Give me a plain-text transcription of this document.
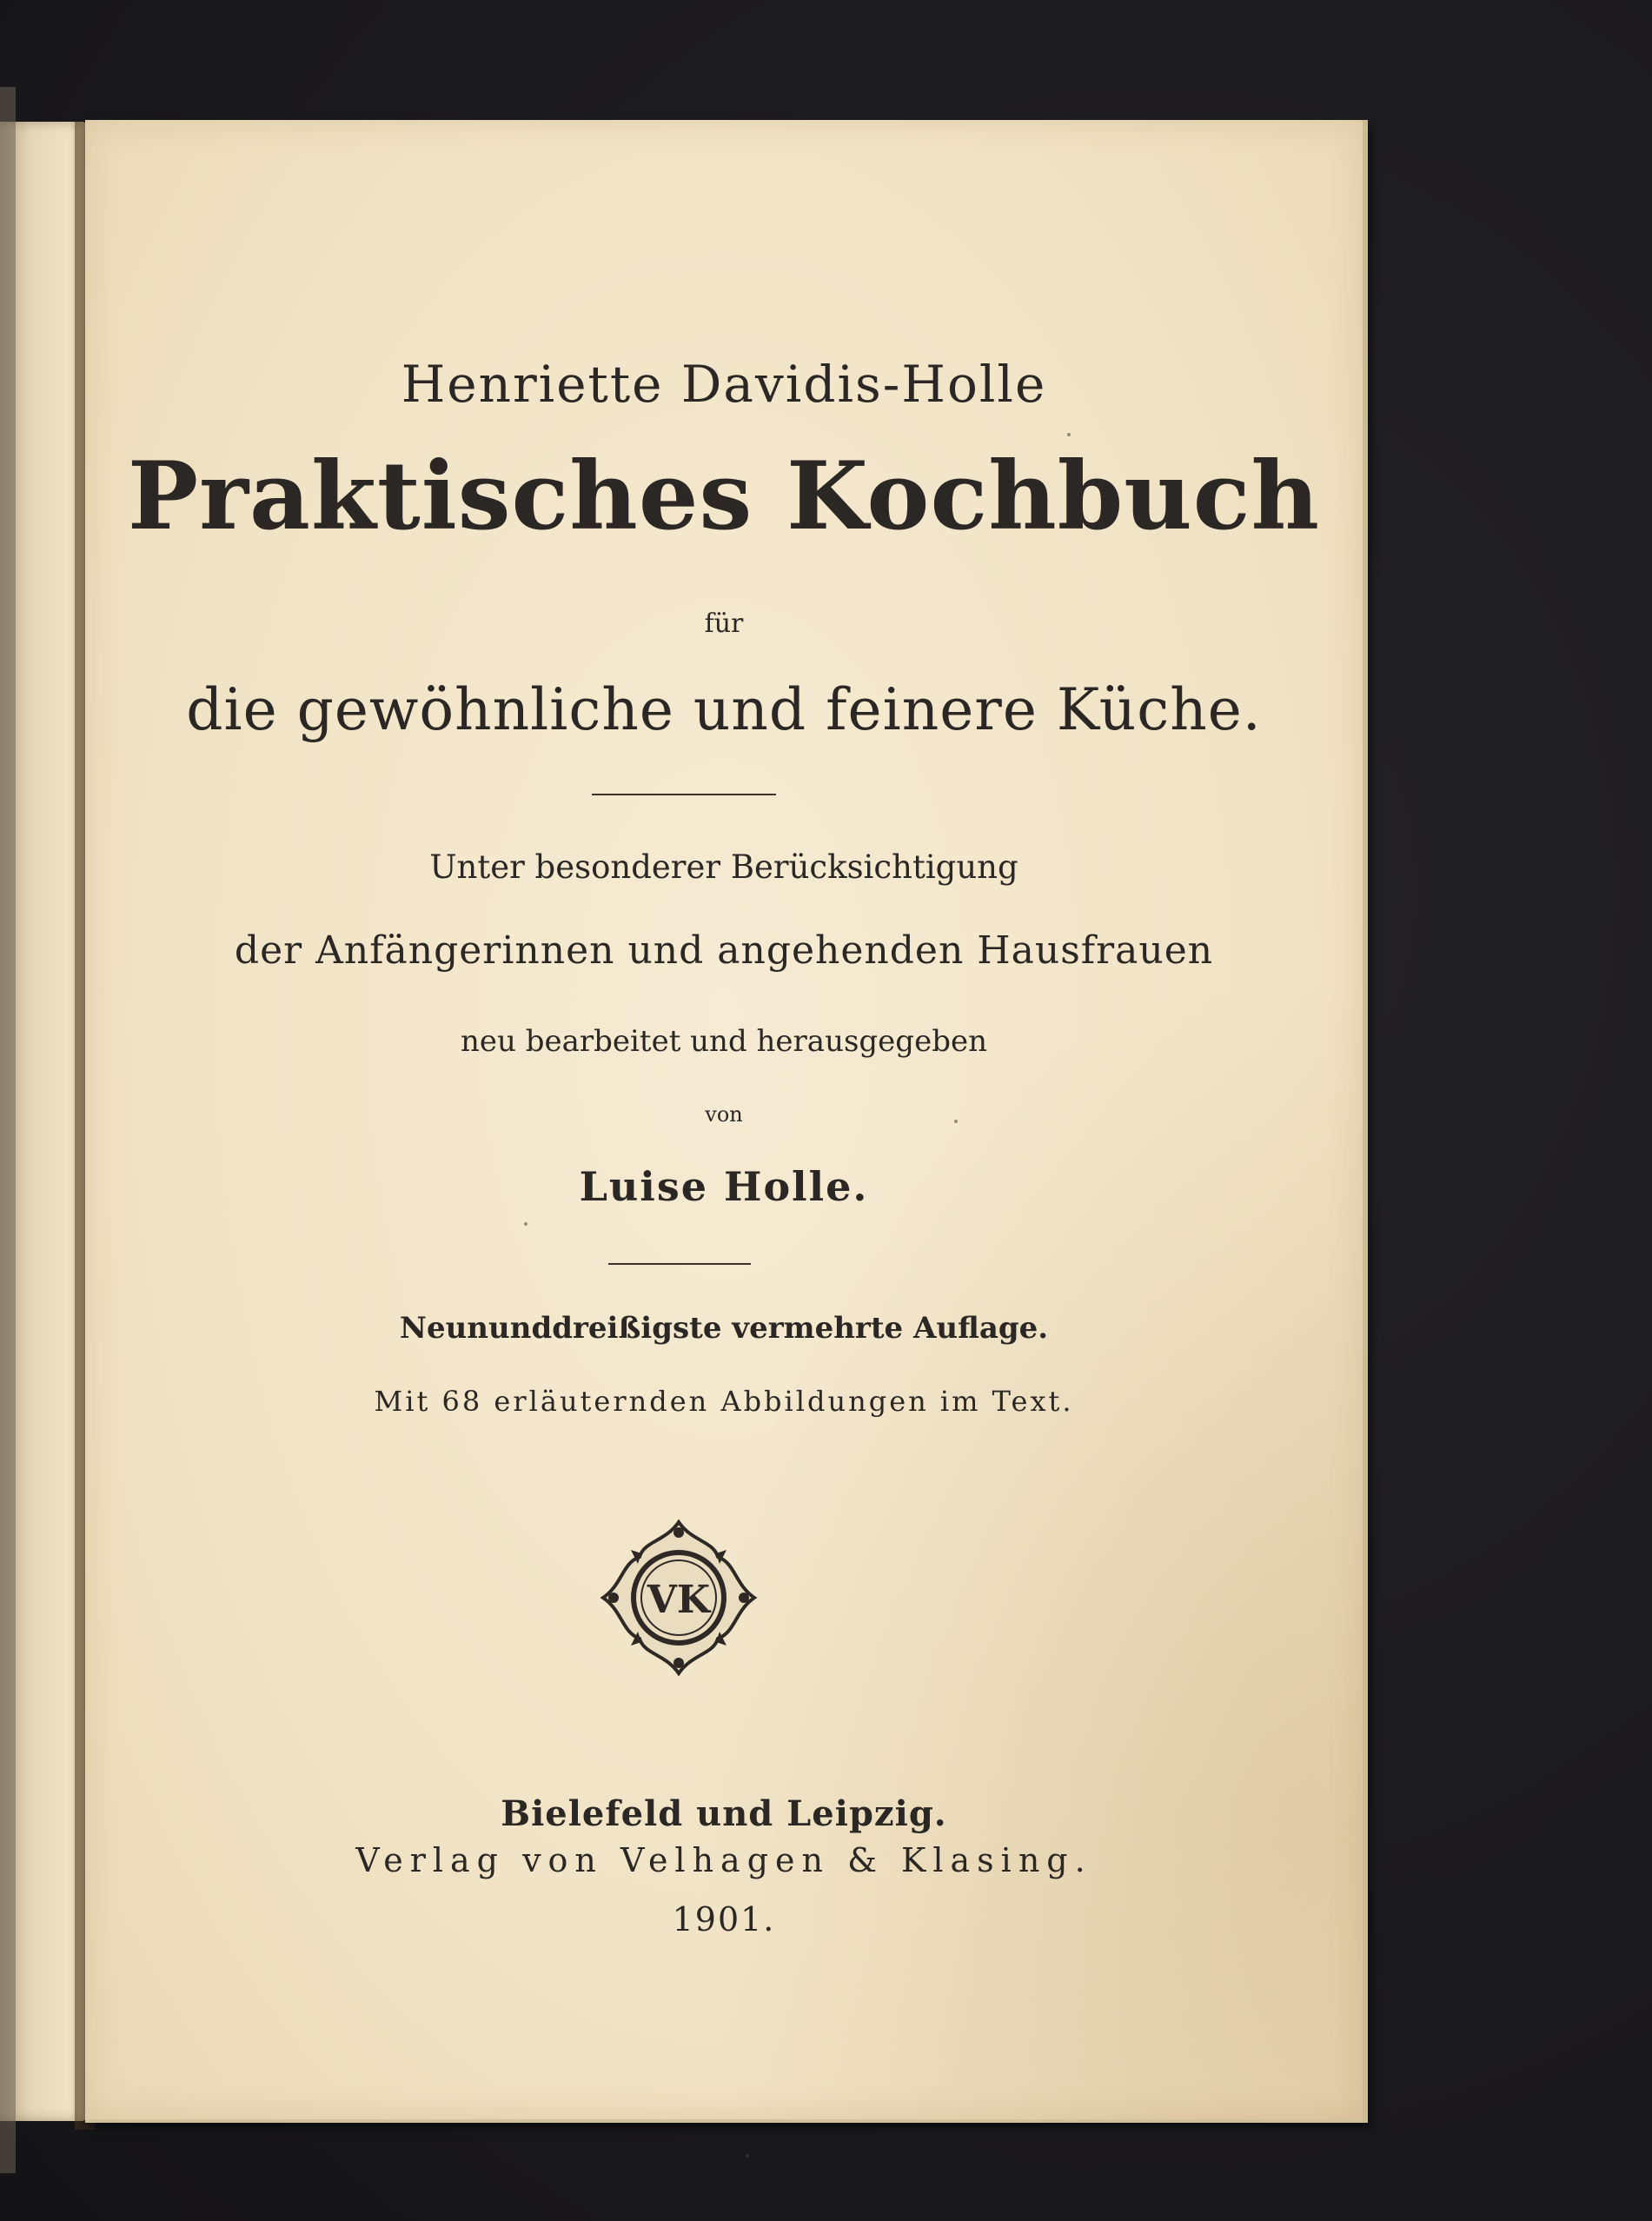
Henriette Davidis-Holle
Praktisches Kochbuch
für
die gewöhnliche und feinere Küche.
Unter besonderer Berücksichtigung
der Anfängerinnen und angehenden Hausfrauen
neu bearbeitet und herausgegeben
von
Luise Holle.
Neununddreißigste vermehrte Auflage.
Mit 68 erläuternden Abbildungen im Text.
VK
Bielefeld und Leipzig.
Verlag von Velhagen & Klasing.
1901.
